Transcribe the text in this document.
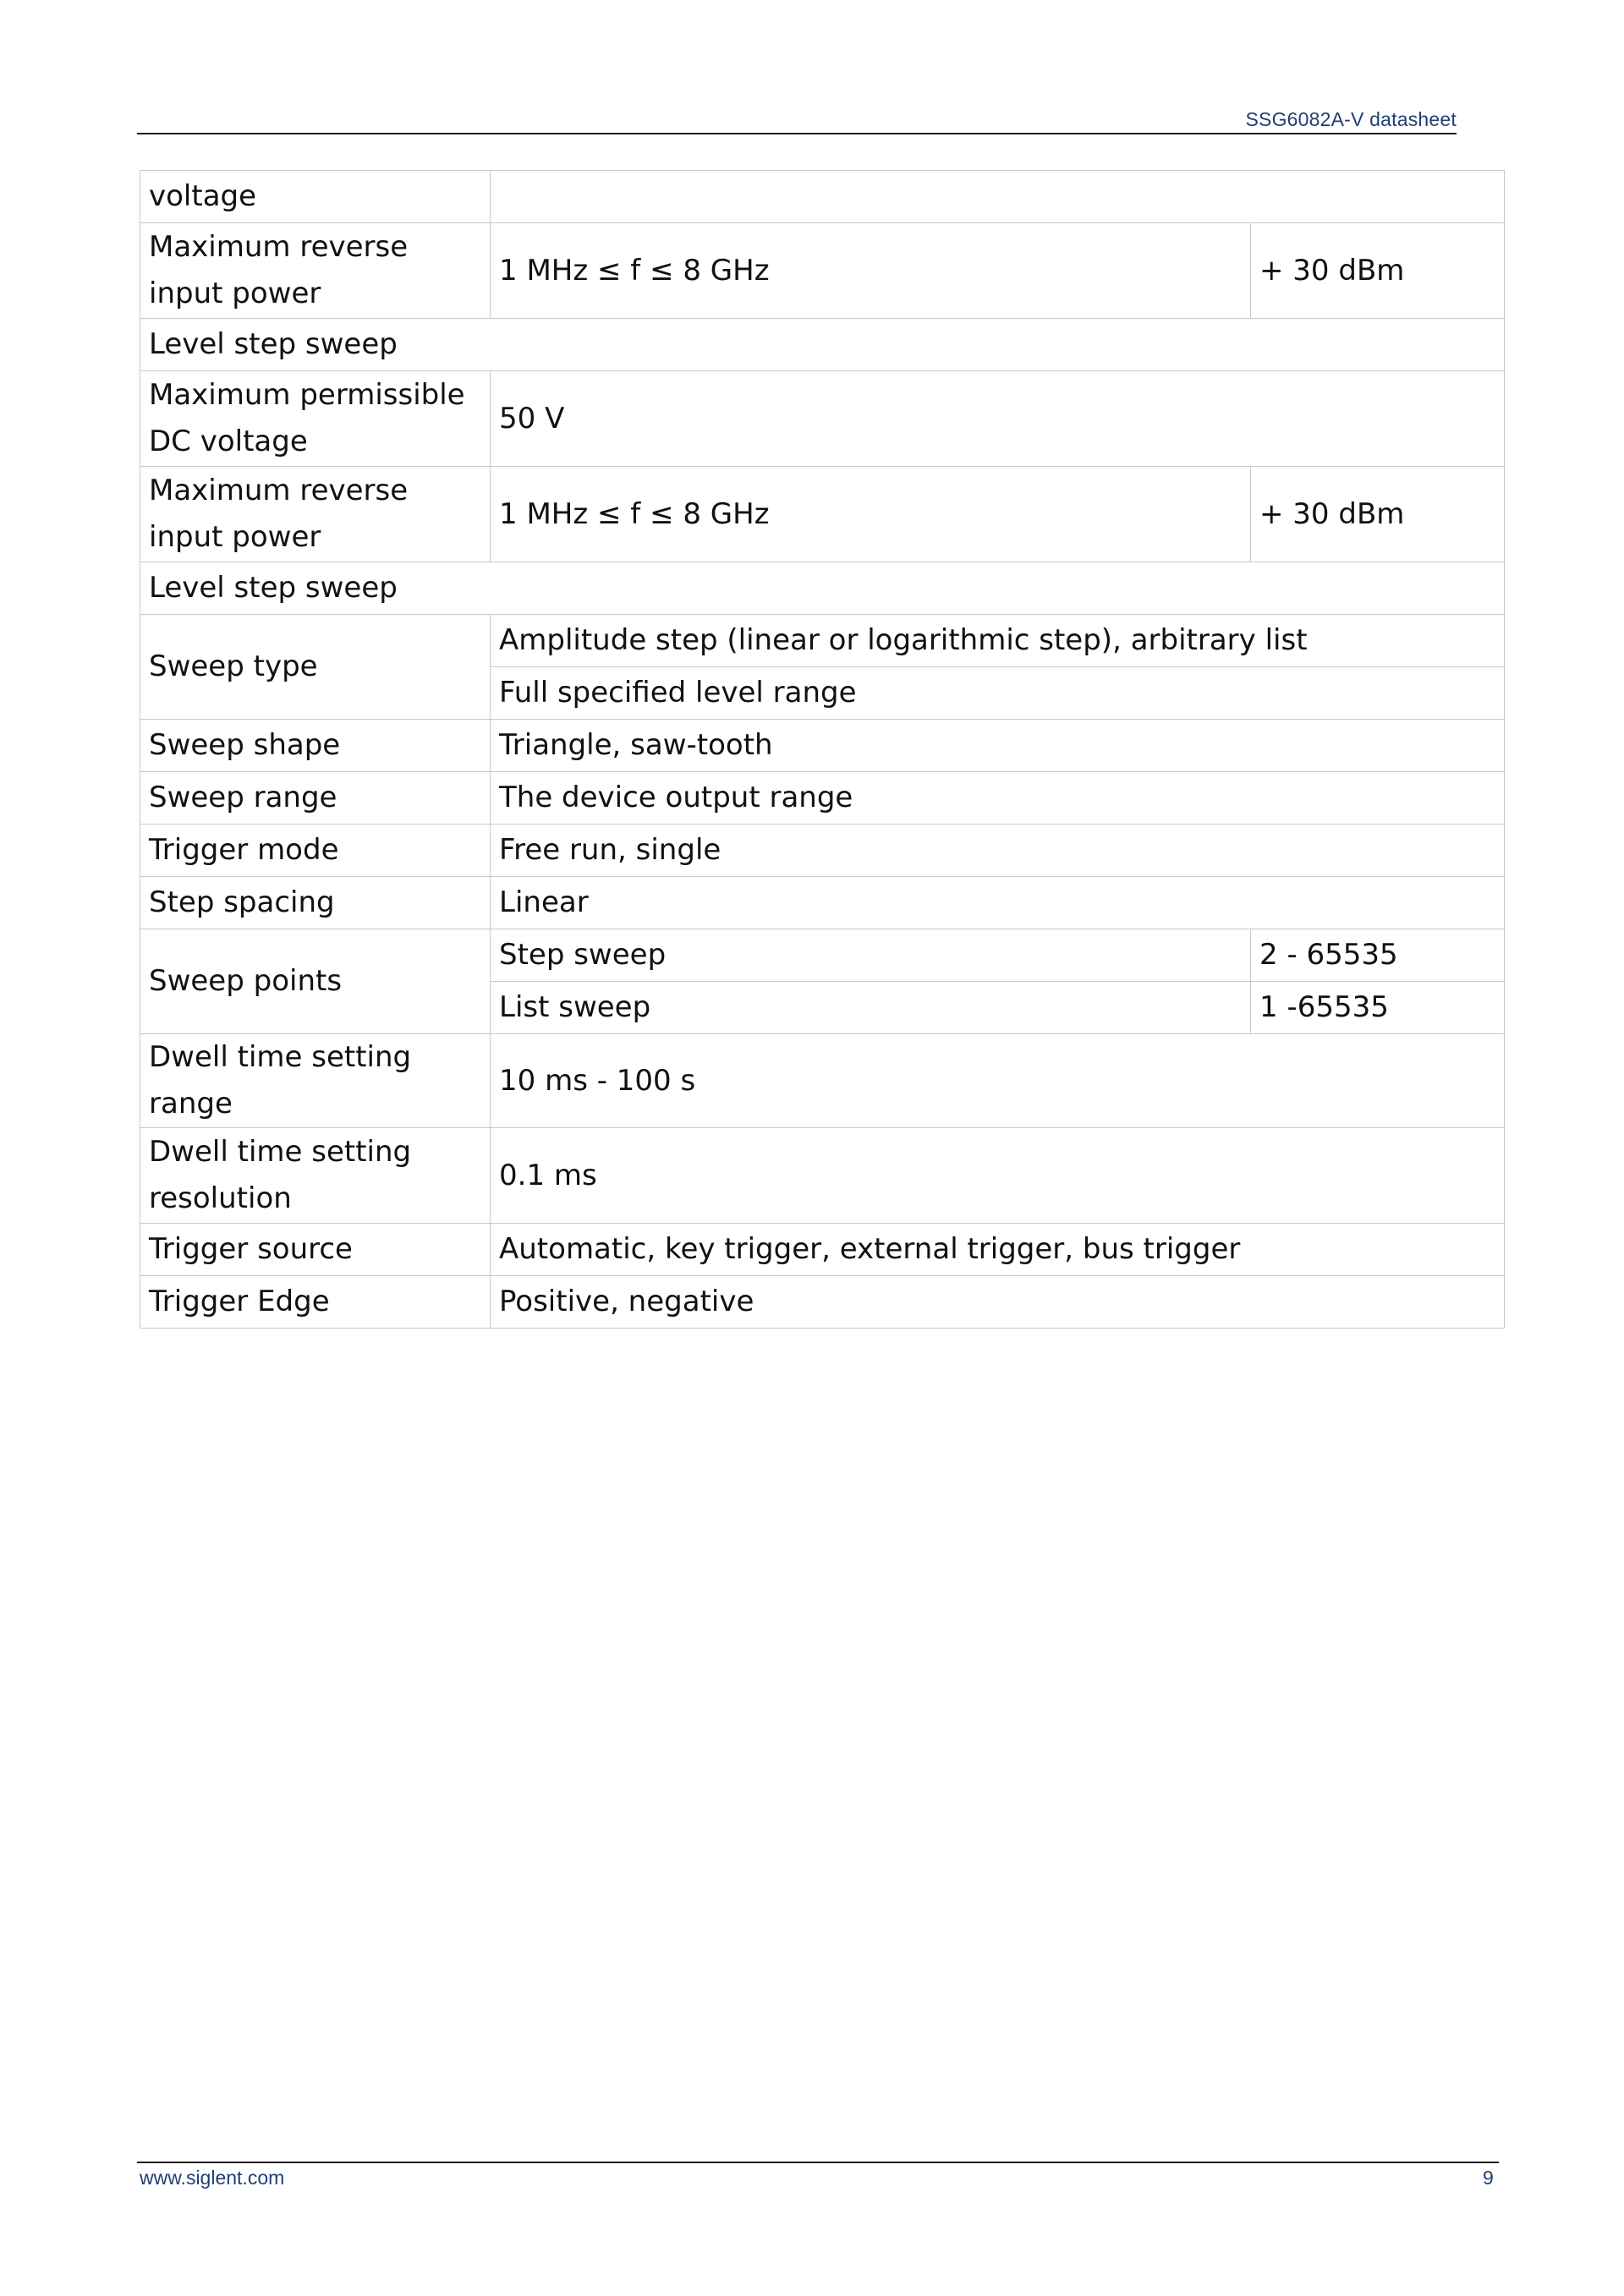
SSG6082A-V datasheet
voltage		
Maximum reverse input power	1 MHz ≤ f ≤ 8 GHz	+ 30 dBm
Level step sweep		
Maximum permissible DC voltage	50 V	
Maximum reverse input power	1 MHz ≤ f ≤ 8 GHz	+ 30 dBm
Level step sweep		
Sweep type	Amplitude step (linear or logarithmic step), arbitrary list	
	Full specified level range	
Sweep shape	Triangle, saw-tooth	
Sweep range	The device output range	
Trigger mode	Free run, single	
Step spacing	Linear	
Sweep points	Step sweep	2 - 65535
	List sweep	1 -65535
Dwell time setting range	10 ms - 100 s	
Dwell time setting resolution	0.1 ms	
Trigger source	Automatic, key trigger, external trigger, bus trigger	
Trigger Edge	Positive, negative	
www.siglent.com	9
